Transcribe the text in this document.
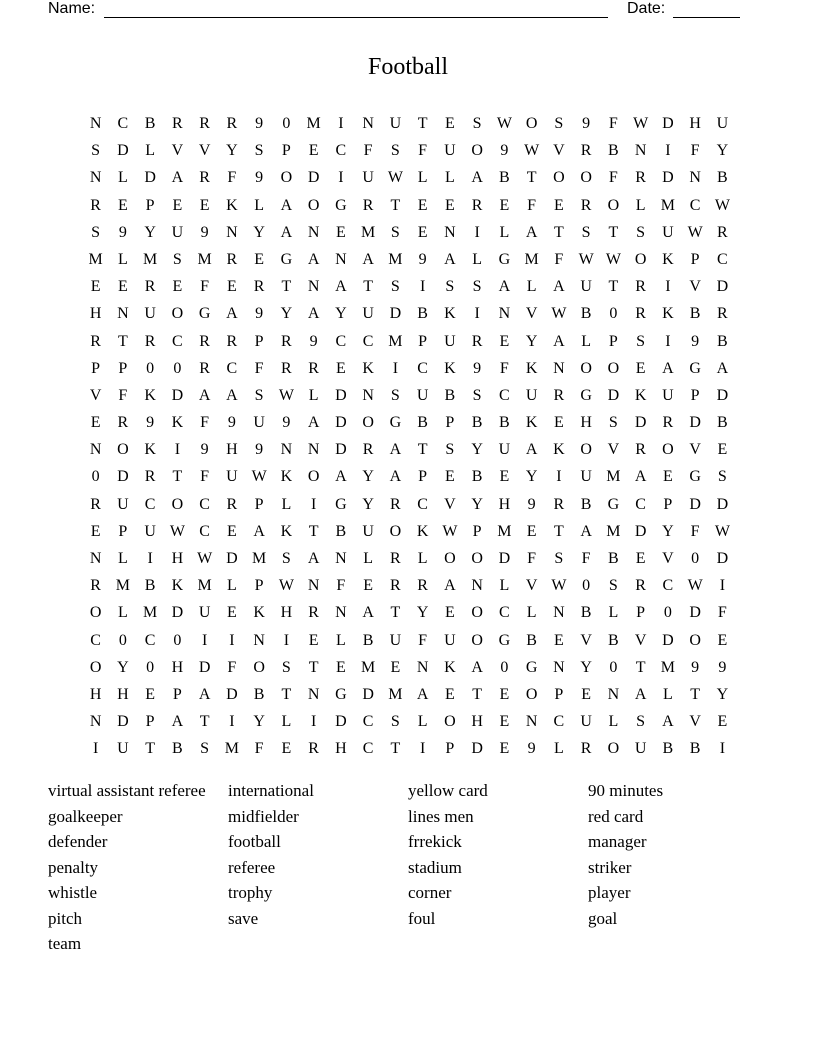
Name:	Date:
Football
N	C	B	R	R	R	9	0	M	I	N U	T	E	S W O	S	9	F W D H U
S	D	L	V V Y	S	P	E	C	F	S	F	U O	9 W V	R	B	N	I	F	Y
N	L	D A	R	F	9	O D	I	U W L	L	A	B	T	O O	F	R	D N	B
R	E	P	E	E	K	L	A O G	R	T	E	E	R	E	F	E	R	O	L M C W
S	9	Y U	9	N Y A N	E M S	E	N	I	L	A	T	S	T	S	U W R
M L M S M R	E	G A N A M	9	A	L	G M F W W O K	P	C
E	E	R	E	F	E	R	T	N A	T	S	I	S	S	A	L	A U	T	R	I	V D
H N U O G A	9	Y A Y U D	B	K	I	N V W B	0	R	K	B	R
R	T	R	C	R	R	P	R	9	C	C M P	U	R	E	Y A	L	P	S	I	9	B
P	P	0	0	R	C	F	R	R	E	K	I	C	K	9	F	K N O O	E	A G A
V	F	K D A A	S W L	D N	S	U	B	S	C	U	R	G D K U	P	D
E	R	9	K	F	9	U	9	A D O G	B	P	B	B	K	E	H	S	D	R	D	B
N O K	I	9	H	9	N N D	R	A	T	S	Y U A K O V	R	O V	E
0	D	R	T	F	U W K O A Y A	P	E	B	E	Y	I	U M A	E	G	S
R	U	C	O	C	R	P	L	I	G Y	R	C	V Y H	9	R	B	G	C	P	D D
E	P	U W C	E	A K	T	B	U O K W P M E	T	A M D Y	F W
N	L	I	H W D M S	A N	L	R	L	O O D	F	S	F	B	E	V	0	D
R M B	K M L	P W N	F	E	R	R	A N	L	V W 0	S	R	C W	I
O	L M D U	E	K H	R	N A	T	Y	E	O	C	L	N	B	L	P	0	D	F
C	0	C	0	I	I	N	I	E	L	B	U	F	U O G	B	E	V	B	V D O	E
O Y	0	H D	F	O	S	T	E M E	N K A	0	G N Y	0	T M	9	9
H H	E	P	A D	B	T	N G D M A	E	T	E	O	P	E	N A	L	T	Y
N D	P	A	T	I	Y	L	I	D	C	S	L	O H	E	N	C	U	L	S	A V	E
I	U	T	B	S M F	E	R	H	C	T	I	P	D	E	9	L	R	O U	B	B	I
virtual assistant referee	international	yellow card	90 minutes
goalkeeper	midfielder	lines men	red card
defender	football	frrekick	manager
penalty	referee	stadium	striker
whistle	trophy	corner	player
pitch	save	foul	goal
team
